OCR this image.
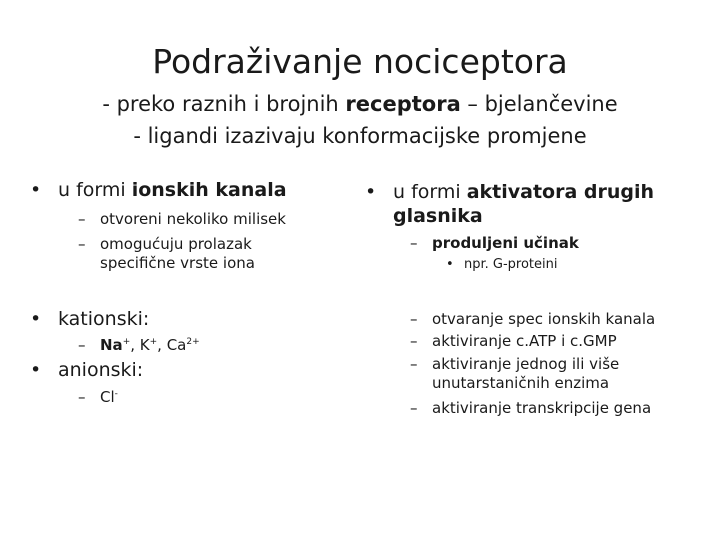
Podraživanje nociceptora
- preko raznih i brojnih receptora – bjelančevine
- ligandi izazivaju konformacijske promjene
• u formi ionskih kanala
– otvoreni nekoliko milisek
– omogućuju prolazak
specifične vrste iona
• kationski:
– Na+, K+, $Ca^{2+}$
• anionski:
– Cl-
• u formi aktivatora drugih
glasnika
– produljeni učinak
• npr. G-proteini
– otvaranje spec ionskih kanala
– aktiviranje c.ATP i c.GMP
– aktiviranje jednog ili više
unutarstaničnih enzima
– aktiviranje transkripcije gena
